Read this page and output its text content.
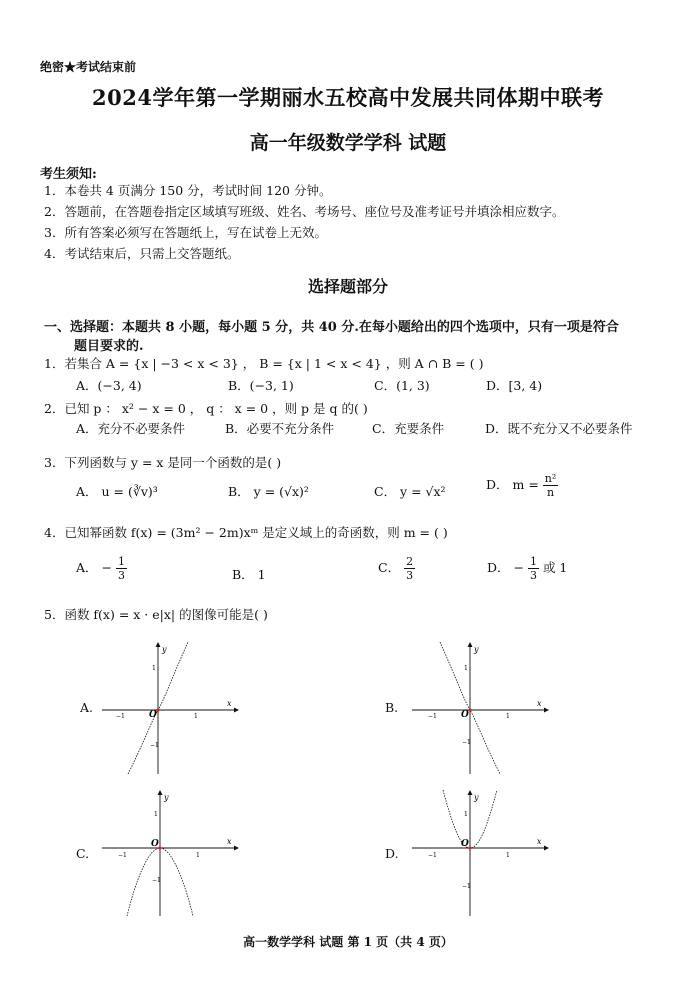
绝密★考试结束前
2024学年第一学期丽水五校高中发展共同体期中联考
高一年级数学学科 试题
考生须知:
1．本卷共 4 页满分 150 分，考试时间 120 分钟。
2．答题前，在答题卷指定区域填写班级、姓名、考场号、座位号及准考证号并填涂相应数字。
3．所有答案必须写在答题纸上，写在试卷上无效。
4．考试结束后，只需上交答题纸。
选择题部分
一、选择题：本题共 8 小题，每小题 5 分，共 40 分.在每小题给出的四个选项中，只有一项是符合
题目要求的.
1．若集合 A = {x | −3 < x < 3} ， B = {x | 1 < x < 4} ，则 A ∩ B = ( )
A．(−3, 4)	B．(−3, 1)	C．(1, 3)	D．[3, 4)
2．已知 p ： x² − x = 0 ， q ： x = 0 ，则 p 是 q 的( )
A．充分不必要条件	B．必要不充分条件	C．充要条件	D．既不充分又不必要条件
3．下列函数与 y = x 是同一个函数的是( )
A． u = (∛v)³	B． y = (√x)²	C． y = √x²	D． $m = \frac{\text{n²}}{n}$
4．已知幂函数 f(x) = (3m² − 2m)xᵐ 是定义域上的奇函数，则 m = ( )
A． − $\frac{1}{3}$	B． 1	C． $\frac{2}{3}$	D． − $\frac{1}{3}$ 或 1
5．函数 f(x) = x · e|x| 的图像可能是( )
A.	B.
C.	D.
y
x
O
1
−1
1
−1
y
x
O
1
−1
1
−1
y
x
O
1
−1
1
−1
y
x
O
1
−1
1
−1
高一数学学科 试题 第 1 页（共 4 页）
